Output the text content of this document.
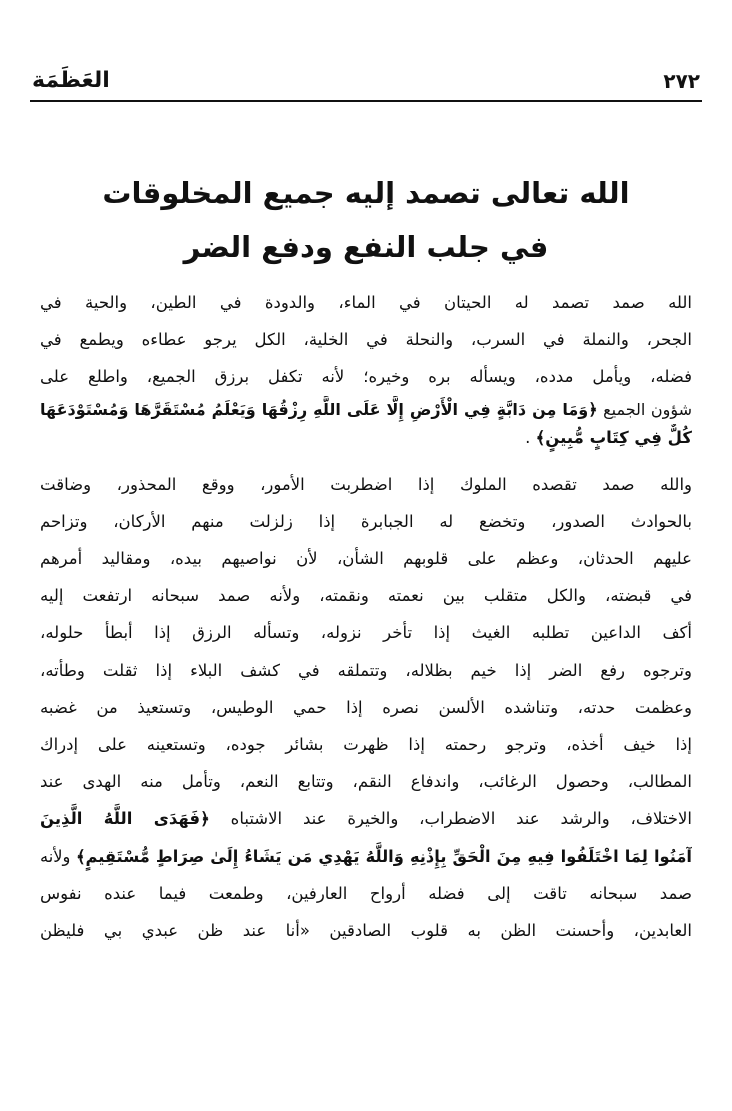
العَظَمَة	٢٧٢
الله تعالى تصمد إليه جميع المخلوقات
في جلب النفع ودفع الضر
الله صمد تصمد له الحيتان في الماء، والدودة في الطين، والحية في
الجحر، والنملة في السرب، والنحلة في الخلية، الكل يرجو عطاءه ويطمع في
فضله، ويأمل مدده، ويسأله بره وخيره؛ لأنه تكفل برزق الجميع، واطلع على
شؤون الجميع ﴿وَمَا مِن دَابَّةٍ فِي الْأَرْضِ إِلَّا عَلَى اللَّهِ رِزْقُهَا وَيَعْلَمُ مُسْتَقَرَّهَا وَمُسْتَوْدَعَهَا
كُلٌّ فِي كِتَابٍ مُّبِينٍ﴾ .
والله صمد تقصده الملوك إذا اضطربت الأمور، ووقع المحذور، وضاقت
بالحوادث الصدور، وتخضع له الجبابرة إذا زلزلت منهم الأركان، وتزاحم
عليهم الحدثان، وعظم على قلوبهم الشأن، لأن نواصيهم بيده، ومقاليد أمرهم
في قبضته، والكل متقلب بين نعمته ونقمته، ولأنه صمد سبحانه ارتفعت إليه
أكف الداعين تطلبه الغيث إذا تأخر نزوله، وتسأله الرزق إذا أبطأ حلوله،
وترجوه رفع الضر إذا خيم بظلاله، وتتملقه في كشف البلاء إذا ثقلت وطأته،
وعظمت حدته، وتناشده الألسن نصره إذا حمي الوطيس، وتستعيذ من غضبه
إذا خيف أخذه، وترجو رحمته إذا ظهرت بشائر جوده، وتستعينه على إدراك
المطالب، وحصول الرغائب، واندفاع النقم، وتتابع النعم، وتأمل منه الهدى عند
الاختلاف، والرشد عند الاضطراب، والخيرة عند الاشتباه ﴿فَهَدَى اللَّهُ الَّذِينَ
آمَنُوا لِمَا اخْتَلَفُوا فِيهِ مِنَ الْحَقِّ بِإِذْنِهِ وَاللَّهُ يَهْدِي مَن يَشَاءُ إِلَىٰ صِرَاطٍ مُّسْتَقِيمٍ﴾ ولأنه
صمد سبحانه تاقت إلى فضله أرواح العارفين، وطمعت فيما عنده نفوس
العابدين، وأحسنت الظن به قلوب الصادقين «أنا عند ظن عبدي بي فليظن
